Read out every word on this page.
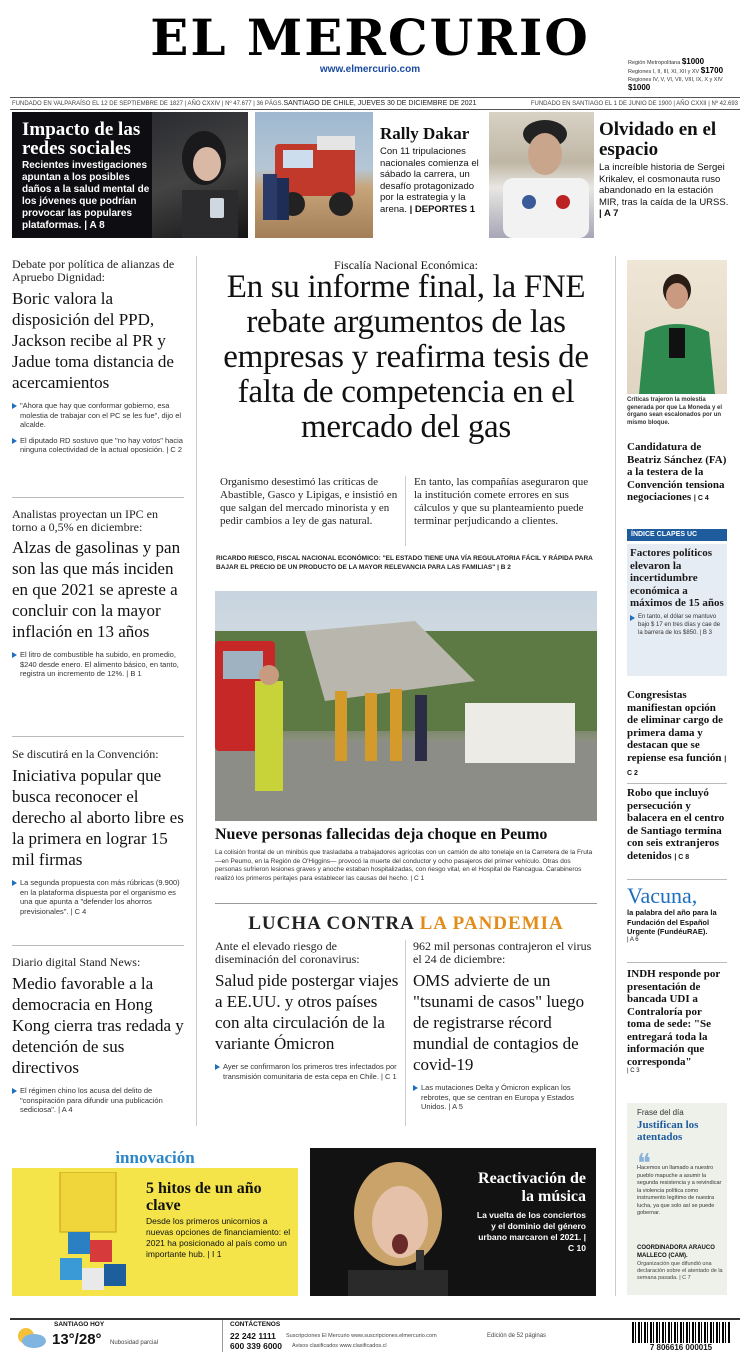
EL MERCURIO
www.elmercurio.com
Región Metropolitana $1000
Regiones I, II, III, XI, XII y XV $1700
Regiones IV, V, VI, VII, VIII, IX, X y XIV $1000
FUNDADO EN VALPARAÍSO EL 12 DE SEPTIEMBRE DE 1827 | AÑO CXXIV | Nº 47.677 | 36 PÁGS. SANTIAGO DE CHILE, JUEVES 30 DE DICIEMBRE DE 2021	FUNDADO EN SANTIAGO EL 1 DE JUNIO DE 1900 | AÑO CXXII | Nº 42.693
Impacto de las redes sociales
Recientes investigaciones apuntan a los posibles daños a la salud mental de los jóvenes que podrían provocar las populares plataformas. | A 8
Rally Dakar
Con 11 tripulaciones nacionales comienza el sábado la carrera, un desafío protagonizado por la estrategia y la arena. | DEPORTES 1
Olvidado en el espacio
La increíble historia de Sergei Krikalev, el cosmonauta ruso abandonado en la estación MIR, tras la caída de la URSS. | A 7
Debate por política de alianzas de Apruebo Dignidad:
Boric valora la disposición del PPD, Jackson recibe al PR y Jadue toma distancia de acercamientos
"Ahora que hay que conformar gobierno, esa molestia de trabajar con el PC se les fue", dijo el alcalde.
El diputado RD sostuvo que "no hay votos" hacia ninguna colectividad de la actual oposición. | C 2
Analistas proyectan un IPC en torno a 0,5% en diciembre:
Alzas de gasolinas y pan son las que más inciden en que 2021 se apreste a concluir con la mayor inflación en 13 años
El litro de combustible ha subido, en promedio, $240 desde enero. El alimento básico, en tanto, registra un incremento de 12%. | B 1
Se discutirá en la Convención:
Iniciativa popular que busca reconocer el derecho al aborto libre es la primera en lograr 15 mil firmas
La segunda propuesta con más rúbricas (9.900) en la plataforma dispuesta por el organismo es una que apunta a "defender los ahorros previsionales". | C 4
Diario digital Stand News:
Medio favorable a la democracia en Hong Kong cierra tras redada y detención de sus directivos
El régimen chino los acusa del delito de "conspiración para difundir una publicación sediciosa". | A 4
Fiscalía Nacional Económica:
En su informe final, la FNE rebate argumentos de las empresas y reafirma tesis de falta de competencia en el mercado del gas
Organismo desestimó las críticas de Abastible, Gasco y Lipigas, e insistió en que salgan del mercado minorista y en pedir cambios a ley de gas natural.
En tanto, las compañías aseguraron que la institución comete errores en sus cálculos y que su planteamiento puede terminar perjudicando a clientes.
RICARDO RIESCO, FISCAL NACIONAL ECONÓMICO: "EL ESTADO TIENE UNA VÍA REGULATORIA FÁCIL Y RÁPIDA PARA BAJAR EL PRECIO DE UN PRODUCTO DE LA MAYOR RELEVANCIA PARA LAS FAMILIAS" | B 2
Nueve personas fallecidas deja choque en Peumo
La colisión frontal de un minibús que trasladaba a trabajadores agrícolas con un camión de alto tonelaje en la Carretera de la Fruta —en Peumo, en la Región de O'Higgins— provocó la muerte del conductor y ocho pasajeros del primer vehículo. Otras dos personas sufrieron lesiones graves y anoche estaban hospitalizadas, con riesgo vital, en el Hospital de Rancagua. Carabineros realizó los primeros peritajes para establecer las causas del hecho. | C 1
LUCHA CONTRA LA PANDEMIA
Ante el elevado riesgo de diseminación del coronavirus:
Salud pide postergar viajes a EE.UU. y otros países con alta circulación de la variante Ómicron
Ayer se confirmaron los primeros tres infectados por transmisión comunitaria de esta cepa en Chile. | C 1
962 mil personas contrajeron el virus el 24 de diciembre:
OMS advierte de un "tsunami de casos" luego de registrarse récord mundial de contagios de covid-19
Las mutaciones Delta y Ómicron explican los rebrotes, que se centran en Europa y Estados Unidos. | A 5
Críticas trajeron la molestia generada por que La Moneda y el órgano sean escalonados por un mismo bloque.
Candidatura de Beatriz Sánchez (FA) a la testera de la Convención tensiona negociaciones | C 4
ÍNDICE CLAPES UC
Factores políticos elevaron la incertidumbre económica a máximos de 15 años
En tanto, el dólar se mantuvo bajo $ 17 en tres días y cae de la barrera de los $850. | B 3
Congresistas manifiestan opción de eliminar cargo de primera dama y destacan que se repiense esa función | C 2
Robo que incluyó persecución y balacera en el centro de Santiago termina con seis extranjeros detenidos | C 8
Vacuna,
la palabra del año para la Fundación del Español Urgente (FundéuRAE).
| A 6
INDH responde por presentación de bancada UDI a Contraloría por toma de sede: "Se entregará toda la información que corresponda"
| C 3
Frase del día
Justifican los atentados
❝
Hacemos un llamado a nuestro pueblo mapuche a asumir la segunda resistencia y a reivindicar la violencia política como instrumento legítimo de nuestra lucha, ya que solo así se puede gobernar.
COORDINADORA ARAUCO MALLECO (CAM).
Organización que difundió una declaración sobre el atentado de la semana pasada. | C 7
innovación
5 hitos de un año clave
Desde los primeros unicornios a nuevas opciones de financiamiento: el 2021 ha posicionado al país como un importante hub. | I 1
Reactivación de la música
La vuelta de los conciertos y el dominio del género urbano marcaron el 2021. | C 10
SANTIAGO HOY
13°/28° Nubosidad parcial
CONTÁCTENOS
22 242 1111 Suscripciones El Mercurio www.suscripciones.elmercurio.com
600 339 6000 Avisos clasificados www.clasificados.cl
Edición de 52 páginas
7 806616 000015
